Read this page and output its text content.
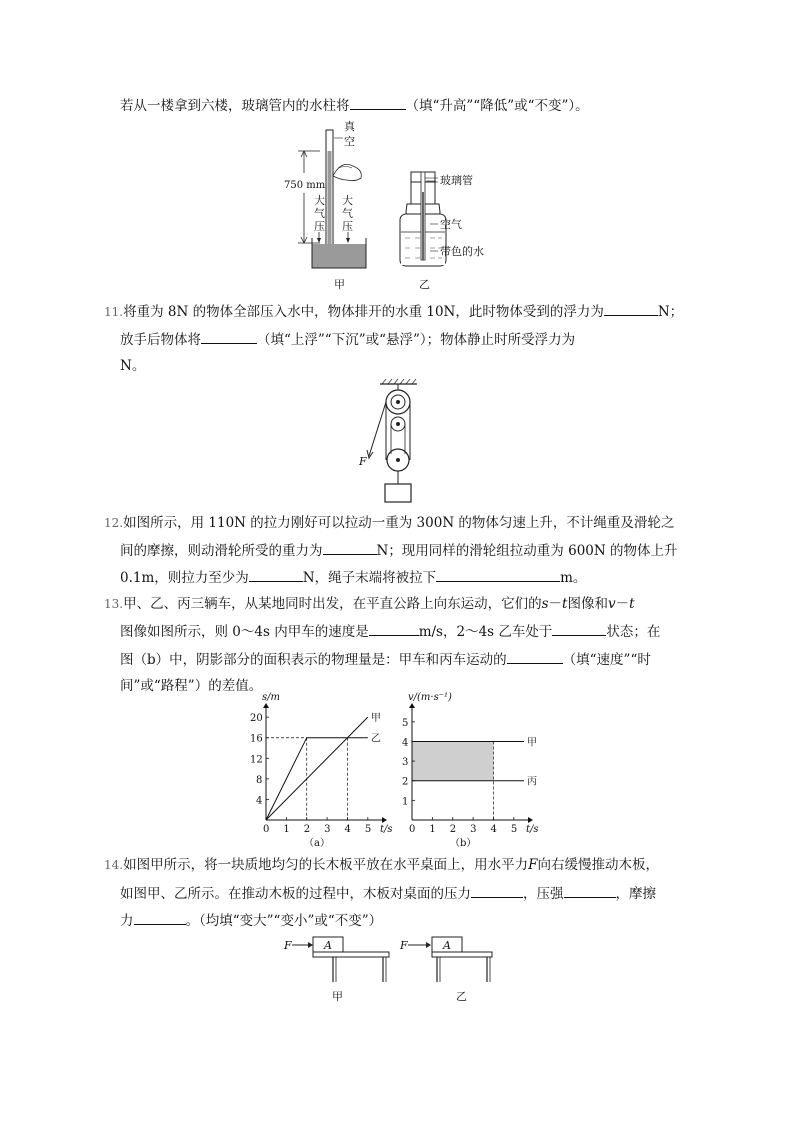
若从一楼拿到六楼，玻璃管内的水柱将	（填“升高”“降低”或“不变”）。
750 mm
真
空
大
气
压
大
气
压
甲
玻璃管
空气
带色的水
乙
11.将重为 8N 的物体全部压入水中，物体排开的水重 10N，此时物体受到的浮力为	N；
放手后物体将	（填“上浮”“下沉”或“悬浮”）；物体静止时所受浮力为
N。
F
12.如图所示，用 110N 的拉力刚好可以拉动一重为 300N 的物体匀速上升，不计绳重及滑轮之
间的摩擦，则动滑轮所受的重力为	N；现用同样的滑轮组拉动重为 600N 的物体上升
0.1m，则拉力至少为	N，绳子末端将被拉下	m。
13.甲、乙、丙三辆车，从某地同时出发，在平直公路上向东运动，它们的s－t图像和v－t
图像如图所示，则 0～4s 内甲车的速度是	m/s，2～4s 乙车处于	状态；在
图（b）中，阴影部分的面积表示的物理量是：甲车和丙车运动的	（填“速度”“时
间”或“路程”）的差值。
0 1 2 3 4 5
4
8
12
16
20
t/s
s/m
甲
乙
（a）
0 1 2 3 4 5
1
2
3
4
5
t/s
v/(m·s⁻¹)
甲
丙
（b）
14.如图甲所示，将一块质地均匀的长木板平放在水平桌面上，用水平力F向右缓慢推动木板，
如图甲、乙所示。在推动木板的过程中，木板对桌面的压力	，压强	，摩擦
力	。（均填“变大”“变小”或“不变”）
F	A
甲
F	A
乙
